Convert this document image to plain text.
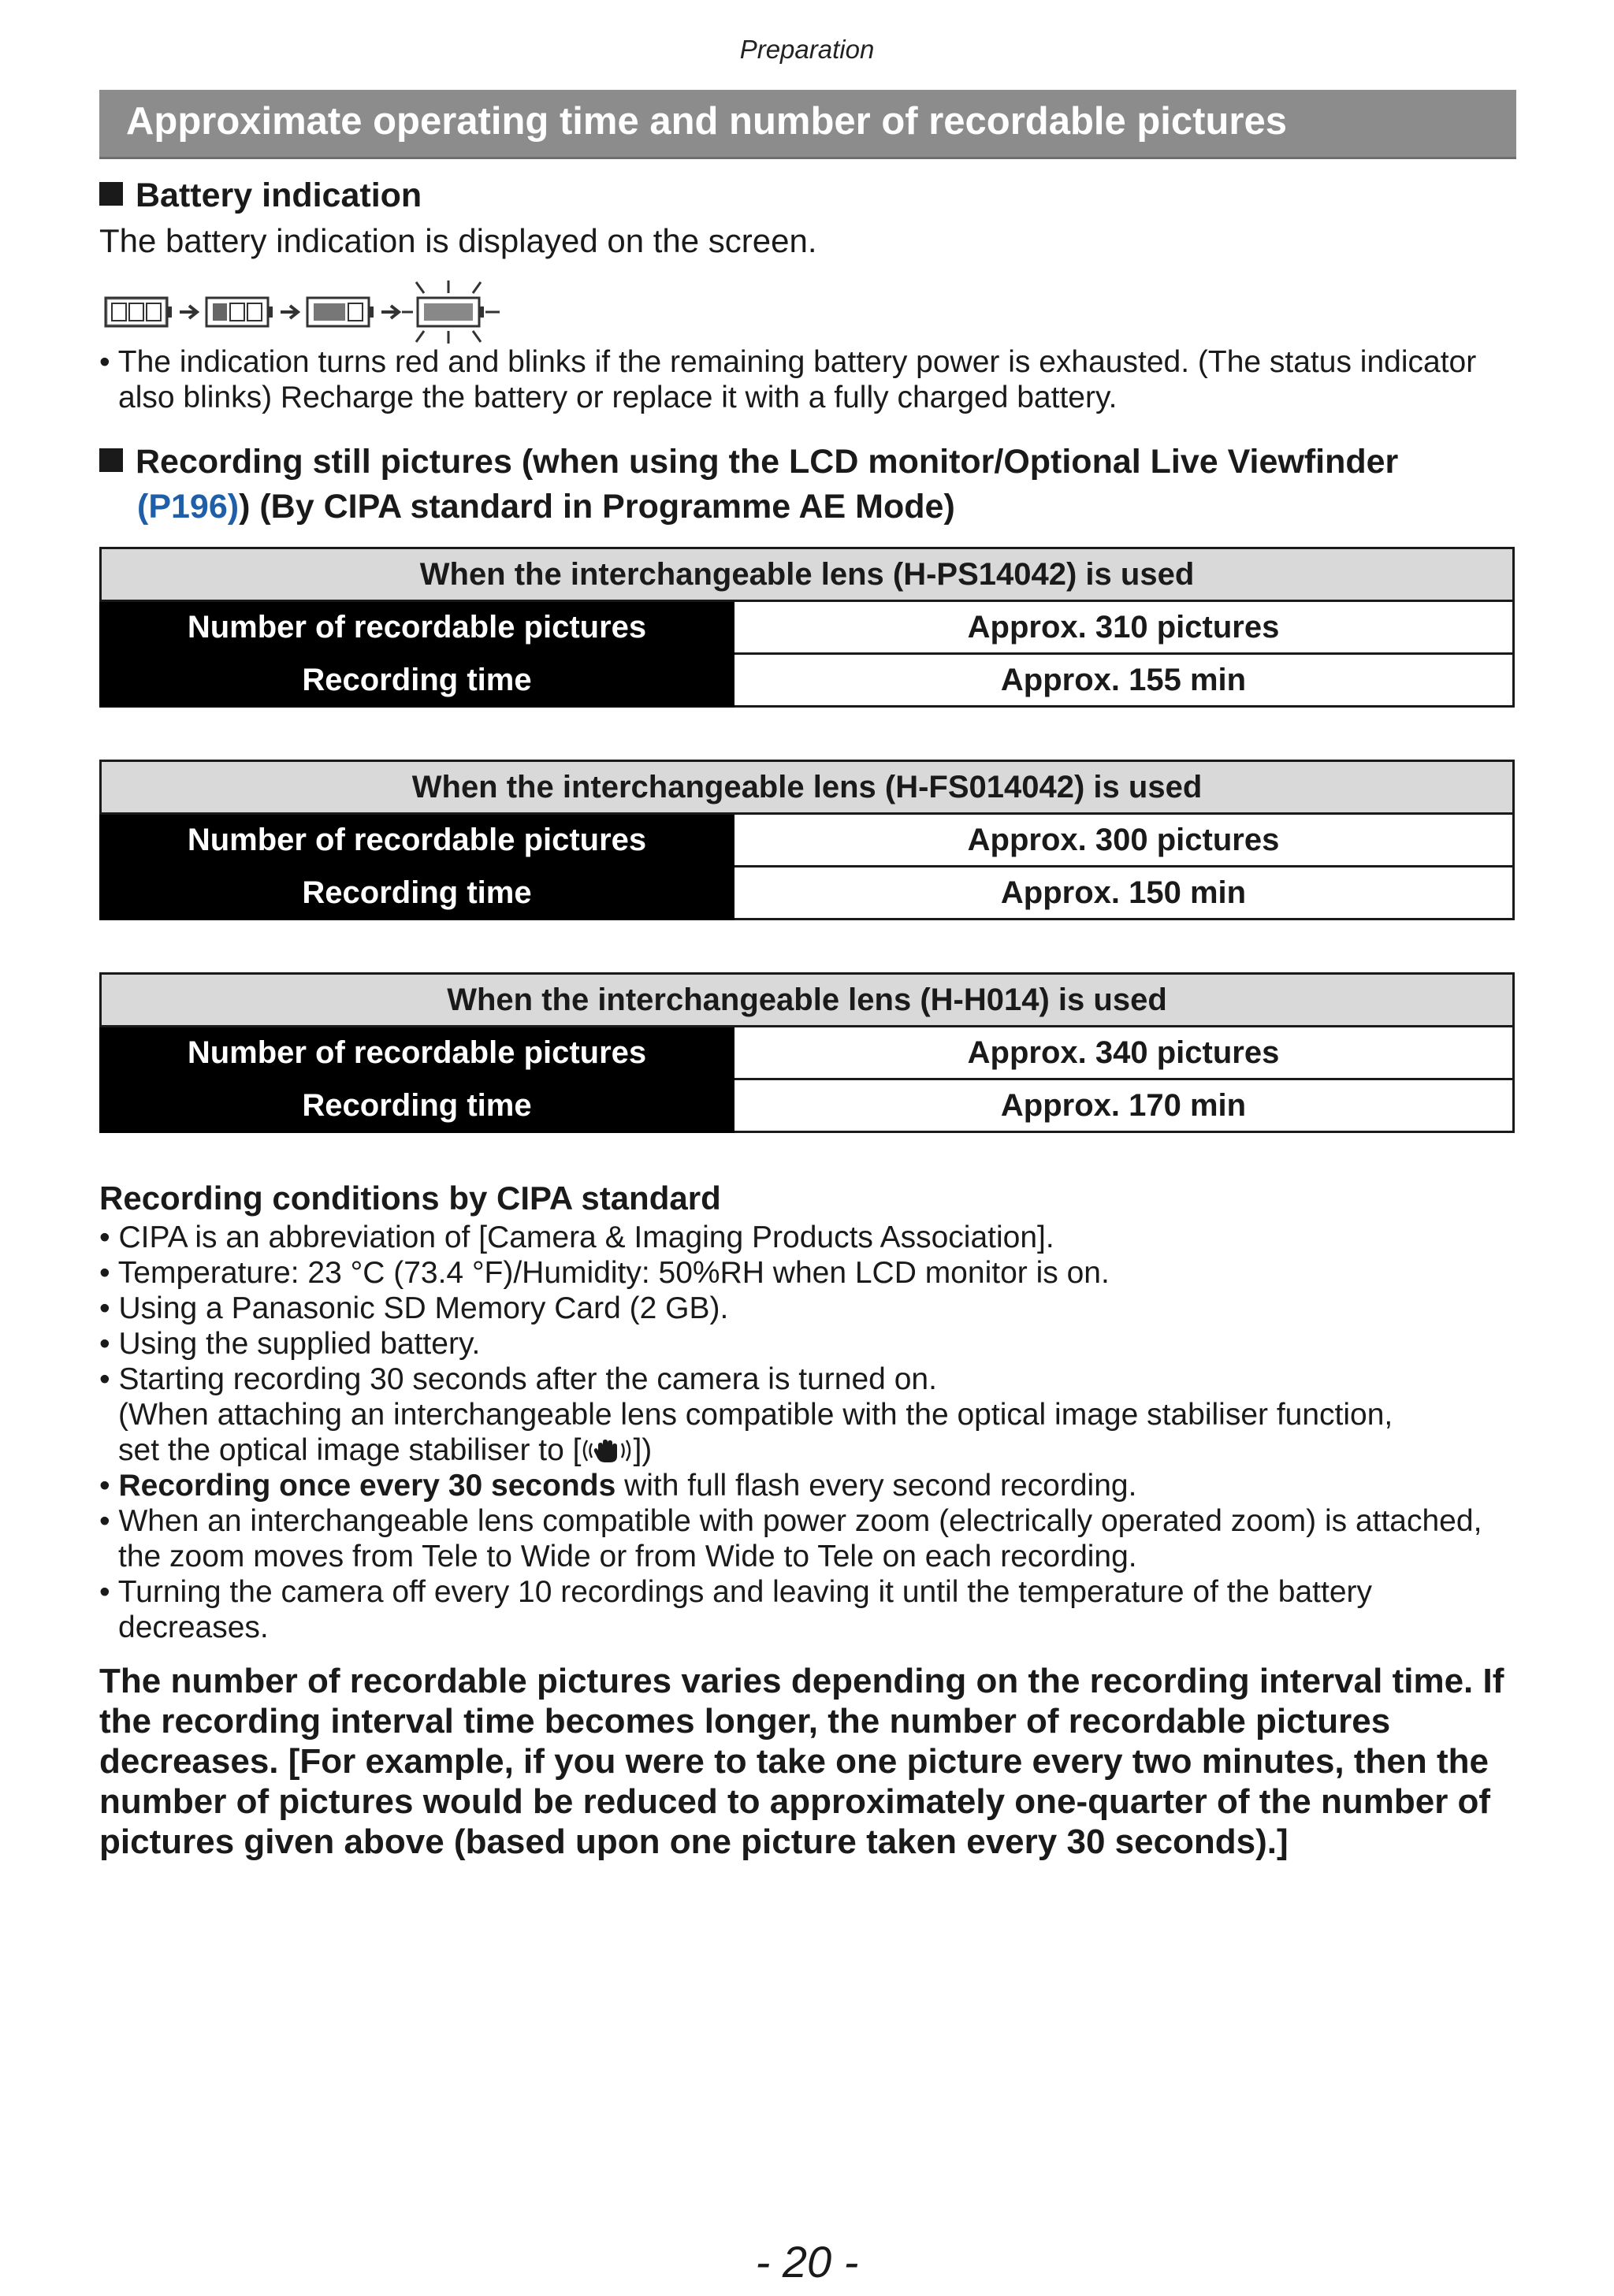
Preparation
Approximate operating time and number of recordable pictures
Battery indication
The battery indication is displayed on the screen.
• The indication turns red and blinks if the remaining battery power is exhausted. (The status indicator also blinks) Recharge the battery or replace it with a fully charged battery.
Recording still pictures (when using the LCD monitor/Optional Live Viewfinder
(P196)) (By CIPA standard in Programme AE Mode)
When the interchangeable lens (H-PS14042) is used	
Number of recordable pictures	Approx. 310 pictures
Recording time	Approx. 155 min
When the interchangeable lens (H-FS014042) is used	
Number of recordable pictures	Approx. 300 pictures
Recording time	Approx. 150 min
When the interchangeable lens (H-H014) is used	
Number of recordable pictures	Approx. 340 pictures
Recording time	Approx. 170 min
Recording conditions by CIPA standard
• CIPA is an abbreviation of [Camera & Imaging Products Association].
• Temperature: 23 °C (73.4 °F)/Humidity: 50%RH when LCD monitor is on.
• Using a Panasonic SD Memory Card (2 GB).
• Using the supplied battery.
• Starting recording 30 seconds after the camera is turned on.
(When attaching an interchangeable lens compatible with the optical image stabiliser function,
set the optical image stabiliser to [ ])
• Recording once every 30 seconds with full flash every second recording.
• When an interchangeable lens compatible with power zoom (electrically operated zoom) is attached, the zoom moves from Tele to Wide or from Wide to Tele on each recording.
• Turning the camera off every 10 recordings and leaving it until the temperature of the battery decreases.
The number of recordable pictures varies depending on the recording interval time. If the recording interval time becomes longer, the number of recordable pictures decreases. [For example, if you were to take one picture every two minutes, then the number of pictures would be reduced to approximately one-quarter of the number of pictures given above (based upon one picture taken every 30 seconds).]
- 20 -
